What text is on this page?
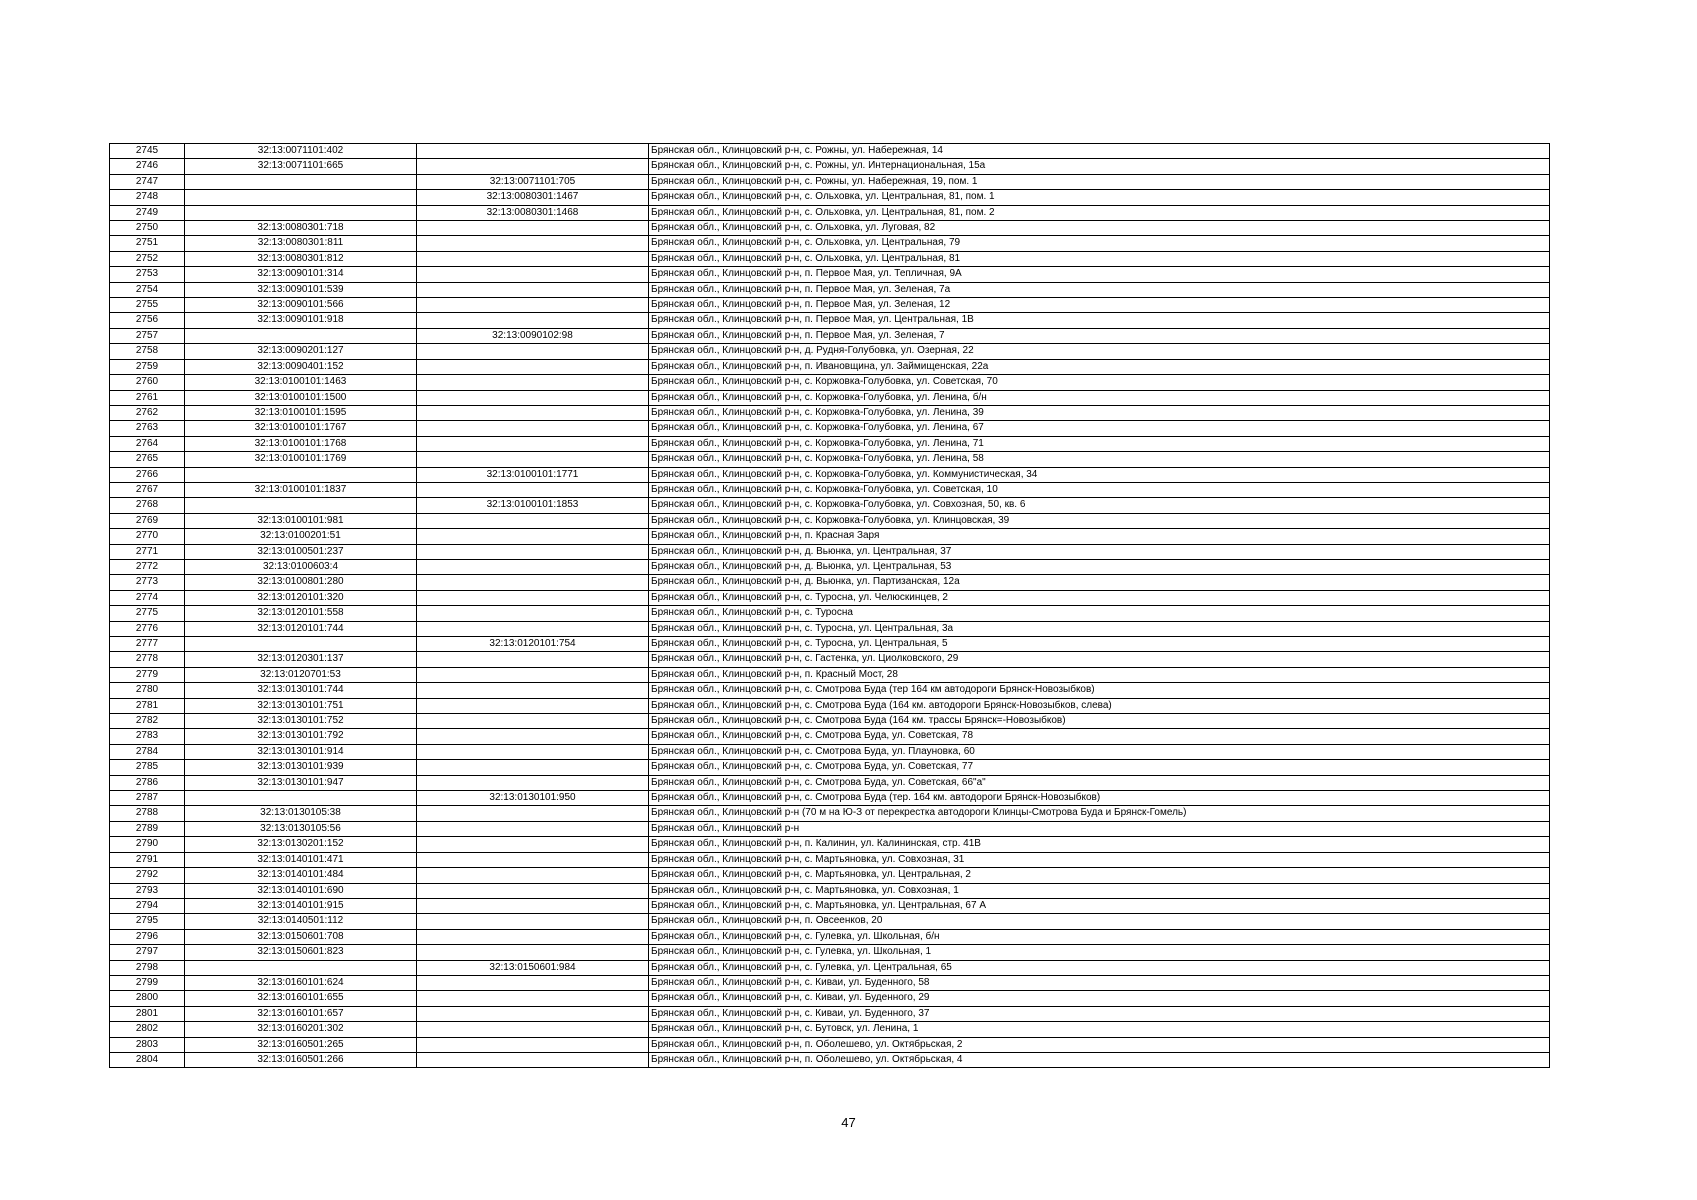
2745	32:13:0071101:402		Брянская обл., Клинцовский р-н, с. Рожны, ул. Набережная, 14
2746	32:13:0071101:665		Брянская обл., Клинцовский р-н, с. Рожны, ул. Интернациональная, 15а
2747		32:13:0071101:705	Брянская обл., Клинцовский р-н, с. Рожны, ул. Набережная, 19, пом. 1
2748		32:13:0080301:1467	Брянская обл., Клинцовский р-н, с. Ольховка, ул. Центральная, 81, пом. 1
2749		32:13:0080301:1468	Брянская обл., Клинцовский р-н, с. Ольховка, ул. Центральная, 81, пом. 2
2750	32:13:0080301:718		Брянская обл., Клинцовский р-н, с. Ольховка, ул. Луговая, 82
2751	32:13:0080301:811		Брянская обл., Клинцовский р-н, с. Ольховка, ул. Центральная, 79
2752	32:13:0080301:812		Брянская обл., Клинцовский р-н, с. Ольховка, ул. Центральная, 81
2753	32:13:0090101:314		Брянская обл., Клинцовский р-н, п. Первое Мая, ул. Тепличная, 9А
2754	32:13:0090101:539		Брянская обл., Клинцовский р-н, п. Первое Мая, ул. Зеленая, 7а
2755	32:13:0090101:566		Брянская обл., Клинцовский р-н, п. Первое Мая, ул. Зеленая, 12
2756	32:13:0090101:918		Брянская обл., Клинцовский р-н, п. Первое Мая, ул. Центральная, 1В
2757		32:13:0090102:98	Брянская обл., Клинцовский р-н, п. Первое Мая, ул. Зеленая, 7
2758	32:13:0090201:127		Брянская обл., Клинцовский р-н, д. Рудня-Голубовка, ул. Озерная, 22
2759	32:13:0090401:152		Брянская обл., Клинцовский р-н, п. Ивановщина, ул. Займищенская, 22а
2760	32:13:0100101:1463		Брянская обл., Клинцовский р-н, с. Коржовка-Голубовка, ул. Советская, 70
2761	32:13:0100101:1500		Брянская обл., Клинцовский р-н, с. Коржовка-Голубовка, ул. Ленина, б/н
2762	32:13:0100101:1595		Брянская обл., Клинцовский р-н, с. Коржовка-Голубовка, ул. Ленина, 39
2763	32:13:0100101:1767		Брянская обл., Клинцовский р-н, с. Коржовка-Голубовка, ул. Ленина, 67
2764	32:13:0100101:1768		Брянская обл., Клинцовский р-н, с. Коржовка-Голубовка, ул. Ленина, 71
2765	32:13:0100101:1769		Брянская обл., Клинцовский р-н, с. Коржовка-Голубовка, ул. Ленина, 58
2766		32:13:0100101:1771	Брянская обл., Клинцовский р-н, с. Коржовка-Голубовка, ул. Коммунистическая, 34
2767	32:13:0100101:1837		Брянская обл., Клинцовский р-н, с. Коржовка-Голубовка, ул. Советская, 10
2768		32:13:0100101:1853	Брянская обл., Клинцовский р-н, с. Коржовка-Голубовка, ул. Совхозная, 50, кв. 6
2769	32:13:0100101:981		Брянская обл., Клинцовский р-н, с. Коржовка-Голубовка, ул. Клинцовская, 39
2770	32:13:0100201:51		Брянская обл., Клинцовский р-н, п. Красная Заря
2771	32:13:0100501:237		Брянская обл., Клинцовский р-н, д. Вьюнка, ул. Центральная, 37
2772	32:13:0100603:4		Брянская обл., Клинцовский р-н, д. Вьюнка, ул. Центральная, 53
2773	32:13:0100801:280		Брянская обл., Клинцовский р-н, д. Вьюнка, ул. Партизанская, 12а
2774	32:13:0120101:320		Брянская обл., Клинцовский р-н, с. Туросна, ул. Челюскинцев, 2
2775	32:13:0120101:558		Брянская обл., Клинцовский р-н, с. Туросна
2776	32:13:0120101:744		Брянская обл., Клинцовский р-н, с. Туросна, ул. Центральная, 3а
2777		32:13:0120101:754	Брянская обл., Клинцовский р-н, с. Туросна, ул. Центральная, 5
2778	32:13:0120301:137		Брянская обл., Клинцовский р-н, с. Гастенка, ул. Циолковского, 29
2779	32:13:0120701:53		Брянская обл., Клинцовский р-н, п. Красный Мост, 28
2780	32:13:0130101:744		Брянская обл., Клинцовский р-н, с. Смотрова Буда (тер 164 км автодороги Брянск-Новозыбков)
2781	32:13:0130101:751		Брянская обл., Клинцовский р-н, с. Смотрова Буда (164 км. автодороги Брянск-Новозыбков, слева)
2782	32:13:0130101:752		Брянская обл., Клинцовский р-н, с. Смотрова Буда (164 км. трассы Брянск=-Новозыбков)
2783	32:13:0130101:792		Брянская обл., Клинцовский р-н, с. Смотрова Буда, ул. Советская, 78
2784	32:13:0130101:914		Брянская обл., Клинцовский р-н, с. Смотрова Буда, ул. Плауновка, 60
2785	32:13:0130101:939		Брянская обл., Клинцовский р-н, с. Смотрова Буда, ул. Советская, 77
2786	32:13:0130101:947		Брянская обл., Клинцовский р-н, с. Смотрова Буда, ул. Советская, 66"а"
2787		32:13:0130101:950	Брянская обл., Клинцовский р-н, с. Смотрова Буда (тер. 164 км. автодороги Брянск-Новозыбков)
2788	32:13:0130105:38		Брянская обл., Клинцовский р-н (70 м на Ю-З от перекрестка автодороги Клинцы-Смотрова Буда и Брянск-Гомель)
2789	32:13:0130105:56		Брянская обл., Клинцовский р-н
2790	32:13:0130201:152		Брянская обл., Клинцовский р-н, п. Калинин, ул. Калининская, стр. 41В
2791	32:13:0140101:471		Брянская обл., Клинцовский р-н, с. Мартьяновка, ул. Совхозная, 31
2792	32:13:0140101:484		Брянская обл., Клинцовский р-н, с. Мартьяновка, ул. Центральная, 2
2793	32:13:0140101:690		Брянская обл., Клинцовский р-н, с. Мартьяновка, ул. Совхозная, 1
2794	32:13:0140101:915		Брянская обл., Клинцовский р-н, с. Мартьяновка, ул. Центральная, 67 А
2795	32:13:0140501:112		Брянская обл., Клинцовский р-н, п. Овсеенков, 20
2796	32:13:0150601:708		Брянская обл., Клинцовский р-н, с. Гулевка, ул. Школьная, б/н
2797	32:13:0150601:823		Брянская обл., Клинцовский р-н, с. Гулевка, ул. Школьная, 1
2798		32:13:0150601:984	Брянская обл., Клинцовский р-н, с. Гулевка, ул. Центральная, 65
2799	32:13:0160101:624		Брянская обл., Клинцовский р-н, с. Киваи, ул. Буденного, 58
2800	32:13:0160101:655		Брянская обл., Клинцовский р-н, с. Киваи, ул. Буденного, 29
2801	32:13:0160101:657		Брянская обл., Клинцовский р-н, с. Киваи, ул. Буденного, 37
2802	32:13:0160201:302		Брянская обл., Клинцовский р-н, с. Бутовск, ул. Ленина, 1
2803	32:13:0160501:265		Брянская обл., Клинцовский р-н, п. Оболешево, ул. Октябрьская, 2
2804	32:13:0160501:266		Брянская обл., Клинцовский р-н, п. Оболешево, ул. Октябрьская, 4
47
